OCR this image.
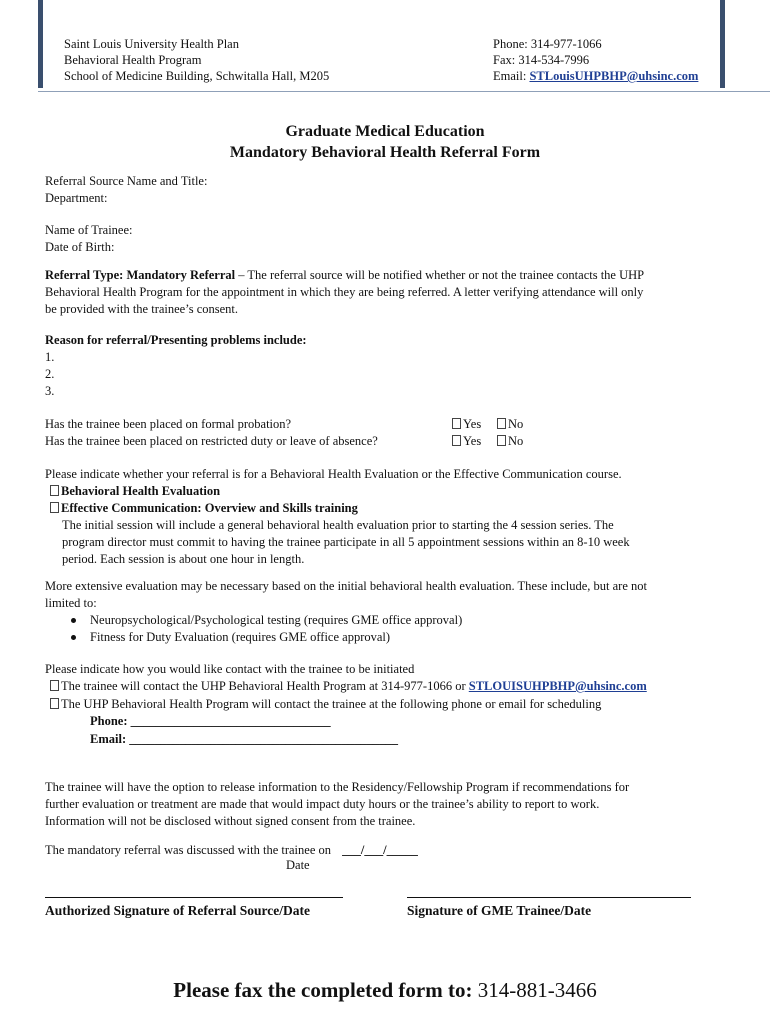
Saint Louis University Health Plan
Behavioral Health Program
School of Medicine Building, Schwitalla Hall, M205
Phone: 314-977-1066
Fax: 314-534-7996
Email: STLouisUHPBHP@uhsinc.com
Graduate Medical Education
Mandatory Behavioral Health Referral Form
Referral Source Name and Title:
Department:
Name of Trainee:
Date of Birth:
Referral Type: Mandatory Referral – The referral source will be notified whether or not the trainee contacts the UHP
Behavioral Health Program for the appointment in which they are being referred. A letter verifying attendance will only
be provided with the trainee’s consent.
Reason for referral/Presenting problems include:
1.
2.
3.
Has the trainee been placed on formal probation?	Yes	No
Has the trainee been placed on restricted duty or leave of absence?	Yes	No
Please indicate whether your referral is for a Behavioral Health Evaluation or the Effective Communication course.
Behavioral Health Evaluation
Effective Communication: Overview and Skills training
The initial session will include a general behavioral health evaluation prior to starting the 4 session series. The
program director must commit to having the trainee participate in all 5 appointment sessions within an 8-10 week
period. Each session is about one hour in length.
More extensive evaluation may be necessary based on the initial behavioral health evaluation. These include, but are not
limited to:
Neuropsychological/Psychological testing (requires GME office approval)
Fitness for Duty Evaluation (requires GME office approval)
Please indicate how you would like contact with the trainee to be initiated
The trainee will contact the UHP Behavioral Health Program at 314-977-1066 or STLOUISUHPBHP@uhsinc.com
The UHP Behavioral Health Program will contact the trainee at the following phone or email for scheduling
Phone: ________________________________
Email: ___________________________________________
The trainee will have the option to release information to the Residency/Fellowship Program if recommendations for
further evaluation or treatment are made that would impact duty hours or the trainee’s ability to report to work.
Information will not be disclosed without signed consent from the trainee.
The mandatory referral was discussed with the trainee on ___/___/_____
Date
Authorized Signature of Referral Source/Date	Signature of GME Trainee/Date
Please fax the completed form to: 314-881-3466
